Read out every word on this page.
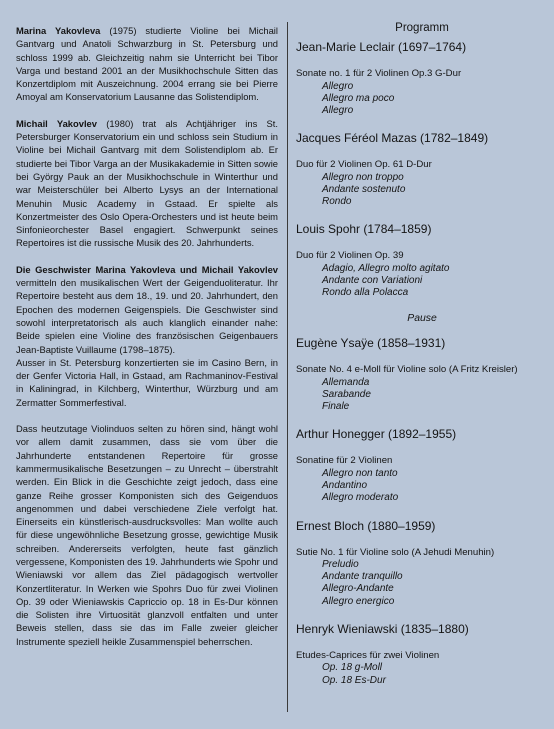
Marina Yakovleva (1975) studierte Violine bei Michail Gantvarg und Anatoli Schwarzburg in St. Petersburg und schloss 1999 ab. Gleichzeitig nahm sie Unterricht bei Tibor Varga und bestand 2001 an der Musikhochschule Sitten das Konzertdiplom mit Auszeichnung. 2004 errang sie bei Pierre Amoyal am Konservatorium Lausanne das Solistendiplom.

Michail Yakovlev (1980) trat als Achtjähriger ins St. Petersburger Konservatorium ein und schloss sein Studium in Violine bei Michail Gantvarg mit dem Solistendiplom ab. Er studierte bei Tibor Varga an der Musikakademie in Sitten sowie bei György Pauk an der Musikhochschule in Winterthur und war Meisterschüler bei Alberto Lysys an der International Menuhin Music Academy in Gstaad. Er spielte als Konzertmeister des Oslo Opera-Orchesters und ist heute beim Sinfonieorchester Basel engagiert. Schwerpunkt seines Repertoires ist die russische Musik des 20. Jahrhunderts.

Die Geschwister Marina Yakovleva und Michail Yakovlev vermitteln den musikalischen Wert der Geigenduoliteratur. Ihr Repertoire besteht aus dem 18., 19. und 20. Jahrhundert, den Epochen des modernen Geigenspiels. Die Geschwister sind sowohl interpretatorisch als auch klanglich einander nahe: Beide spielen eine Violine des französischen Geigenbauers Jean-Baptiste Vuillaume (1798–1875).
Ausser in St. Petersburg konzertierten sie im Casino Bern, in der Genfer Victoria Hall, in Gstaad, am Rachmaninov-Festival in Kaliningrad, in Kilchberg, Winterthur, Würzburg und am Zermatter Sommerfestival.

Dass heutzutage Violinduos selten zu hören sind, hängt wohl vor allem damit zusammen, dass sie vom über die Jahrhunderte entstandenen Repertoire für grosse kammermusikalische Besetzungen – zu Unrecht – überstrahlt werden. Ein Blick in die Geschichte zeigt jedoch, dass eine ganze Reihe grosser Komponisten sich des Geigenduos angenommen und dabei verschiedene Ziele verfolgt hat. Einerseits ein künstlerisch-ausdrucksvolles: Man wollte auch für diese ungewöhnliche Besetzung grosse, gewichtige Musik schreiben. Andererseits verfolgten, heute fast gänzlich vergessene, Komponisten des 19. Jahrhunderts wie Spohr und Wieniawski vor allem das Ziel pädagogisch wertvoller Konzertliteratur. In Werken wie Spohrs Duo für zwei Violinen Op. 39 oder Wieniawskis Capriccio op. 18 in Es-Dur können die Solisten ihre Virtuosität glanzvoll entfalten und unter Beweis stellen, dass sie das im Falle zweier gleicher Instrumente speziell heikle Zusammenspiel beherrschen.

Programm
Jean-Marie Leclair (1697–1764)
Sonate no. 1 für 2 Violinen Op.3 G-Dur
Allegro
Allegro ma poco
Allegro
Jacques Féréol Mazas (1782–1849)
Duo für 2 Violinen Op. 61 D-Dur
Allegro non troppo
Andante sostenuto
Rondo
Louis Spohr (1784–1859)
Duo für 2 Violinen Op. 39
Adagio, Allegro molto agitato
Andante con Variationi
Rondo alla Polacca
Pause
Eugène Ysaÿe (1858–1931)
Sonate No. 4 e-Moll für Violine solo (A Fritz Kreisler)
Allemanda
Sarabande
Finale
Arthur Honegger (1892–1955)
Sonatine für 2 Violinen
Allegro non tanto
Andantino
Allegro moderato
Ernest Bloch (1880–1959)
Sutie No. 1 für Violine solo (A Jehudi Menuhin)
Preludio
Andante tranquillo
Allegro-Andante
Allegro energico
Henryk Wieniawski (1835–1880)
Etudes-Caprices für zwei Violinen
Op. 18 g-Moll
Op. 18 Es-Dur
